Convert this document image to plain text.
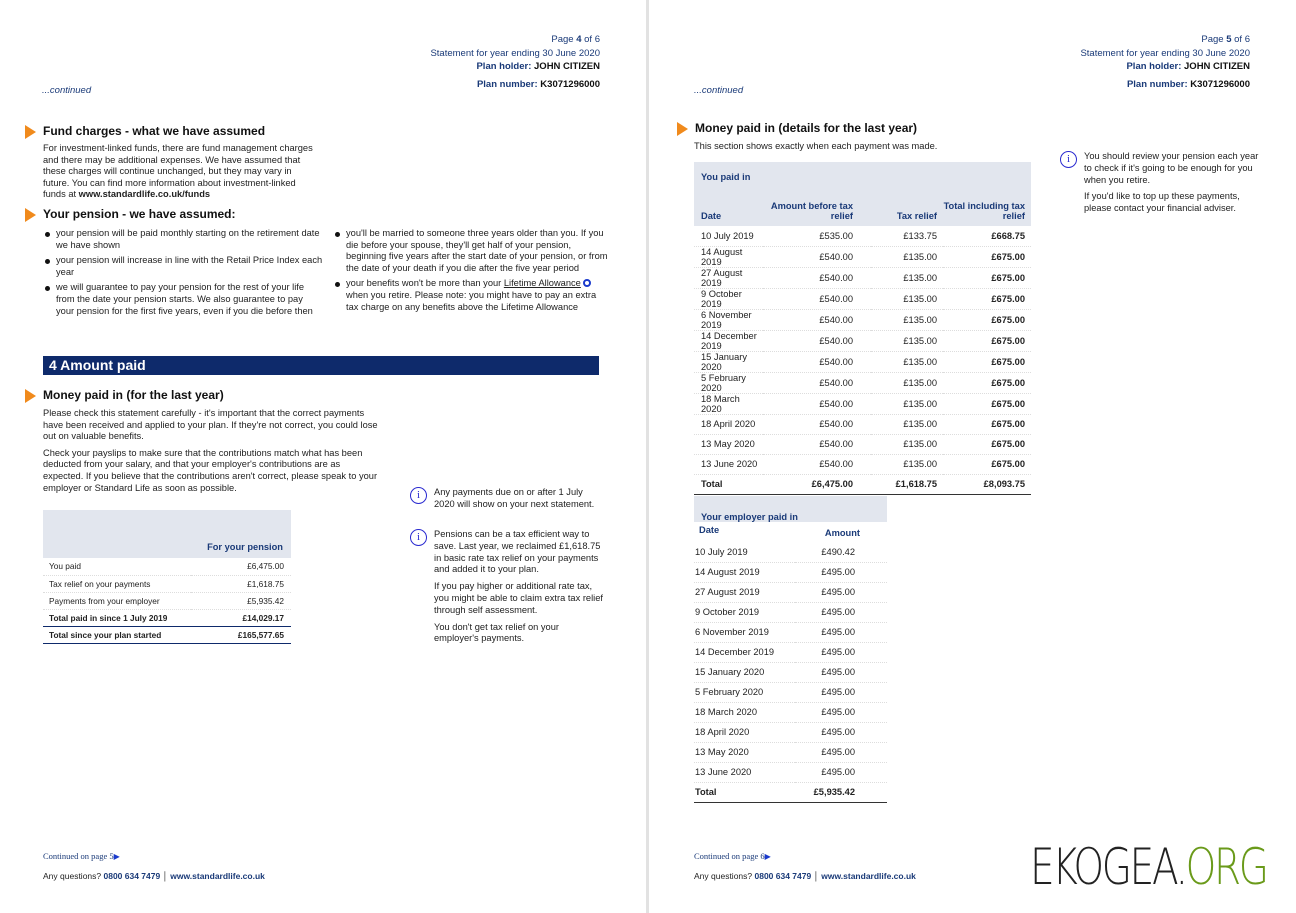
Page 4 of 6
Statement for year ending 30 June 2020
Plan holder: JOHN CITIZEN
Plan number: K3071296000
...continued
Fund charges - what we have assumed
For investment-linked funds, there are fund management charges and there may be additional expenses. We have assumed that these charges will continue unchanged, but they may vary in future. You can find more information about investment-linked funds at www.standardlife.co.uk/funds
Your pension - we have assumed:
your pension will be paid monthly starting on the retirement date we have shown
your pension will increase in line with the Retail Price Index each year
we will guarantee to pay your pension for the rest of your life from the date your pension starts. We also guarantee to pay your pension for the first five years, even if you die before then
you'll be married to someone three years older than you. If you die before your spouse, they'll get half of your pension, beginning five years after the start date of your pension, or from the date of your death if you die after the five year period
your benefits won't be more than your Lifetime Allowance  when you retire. Please note: you might have to pay an extra tax charge on any benefits above the Lifetime Allowance
4 Amount paid
Money paid in (for the last year)

Please check this statement carefully - it's important that the correct payments have been received and applied to your plan. If they're not correct, you could lose out on valuable benefits.

Check your payslips to make sure that the contributions match what has been deducted from your salary, and that your employer's contributions are as expected. If you believe that the contributions aren't correct, please speak to your employer or Standard Life as soon as possible.

	For your pension
You paid	£6,475.00
Tax relief on your payments	£1,618.75
Payments from your employer	£5,935.42
Total paid in since 1 July 2019	£14,029.17
Total since your plan started	£165,577.65
i	Any payments due on or after 1 July 2020 will show on your next statement.

i	Pensions can be a tax efficient way to save. Last year, we reclaimed £1,618.75 in basic rate tax relief on your payments and added it to your plan.

If you pay higher or additional rate tax, you might be able to claim extra tax relief through self assessment.

You don't get tax relief on your employer's payments.

Continued on page 5▶
Any questions? 0800 634 7479 │ www.standardlife.co.uk
Page 5 of 6
Statement for year ending 30 June 2020
Plan holder: JOHN CITIZEN
Plan number: K3071296000
...continued
Money paid in (details for the last year)
This section shows exactly when each payment was made.
You paid in			
Date	Amount before tax relief	Tax relief	Total including tax relief
10 July 2019	£535.00	£133.75	£668.75
14 August 2019	£540.00	£135.00	£675.00
27 August 2019	£540.00	£135.00	£675.00
9 October 2019	£540.00	£135.00	£675.00
6 November 2019	£540.00	£135.00	£675.00
14 December 2019	£540.00	£135.00	£675.00
15 January 2020	£540.00	£135.00	£675.00
5 February 2020	£540.00	£135.00	£675.00
18 March 2020	£540.00	£135.00	£675.00
18 April 2020	£540.00	£135.00	£675.00
13 May 2020	£540.00	£135.00	£675.00
13 June 2020	£540.00	£135.00	£675.00
Total	£6,475.00	£1,618.75	£8,093.75
Your employer paid in	
Date	Amount
10 July 2019	£490.42
14 August 2019	£495.00
27 August 2019	£495.00
9 October 2019	£495.00
6 November 2019	£495.00
14 December 2019	£495.00
15 January 2020	£495.00
5 February 2020	£495.00
18 March 2020	£495.00
18 April 2020	£495.00
13 May 2020	£495.00
13 June 2020	£495.00
Total	£5,935.42
i	You should review your pension each year to check if it's going to be enough for you when you retire.

If you'd like to top up these payments, please contact your financial adviser.

Continued on page 6▶
Any questions? 0800 634 7479 │ www.standardlife.co.uk EKOGEA.ORG
